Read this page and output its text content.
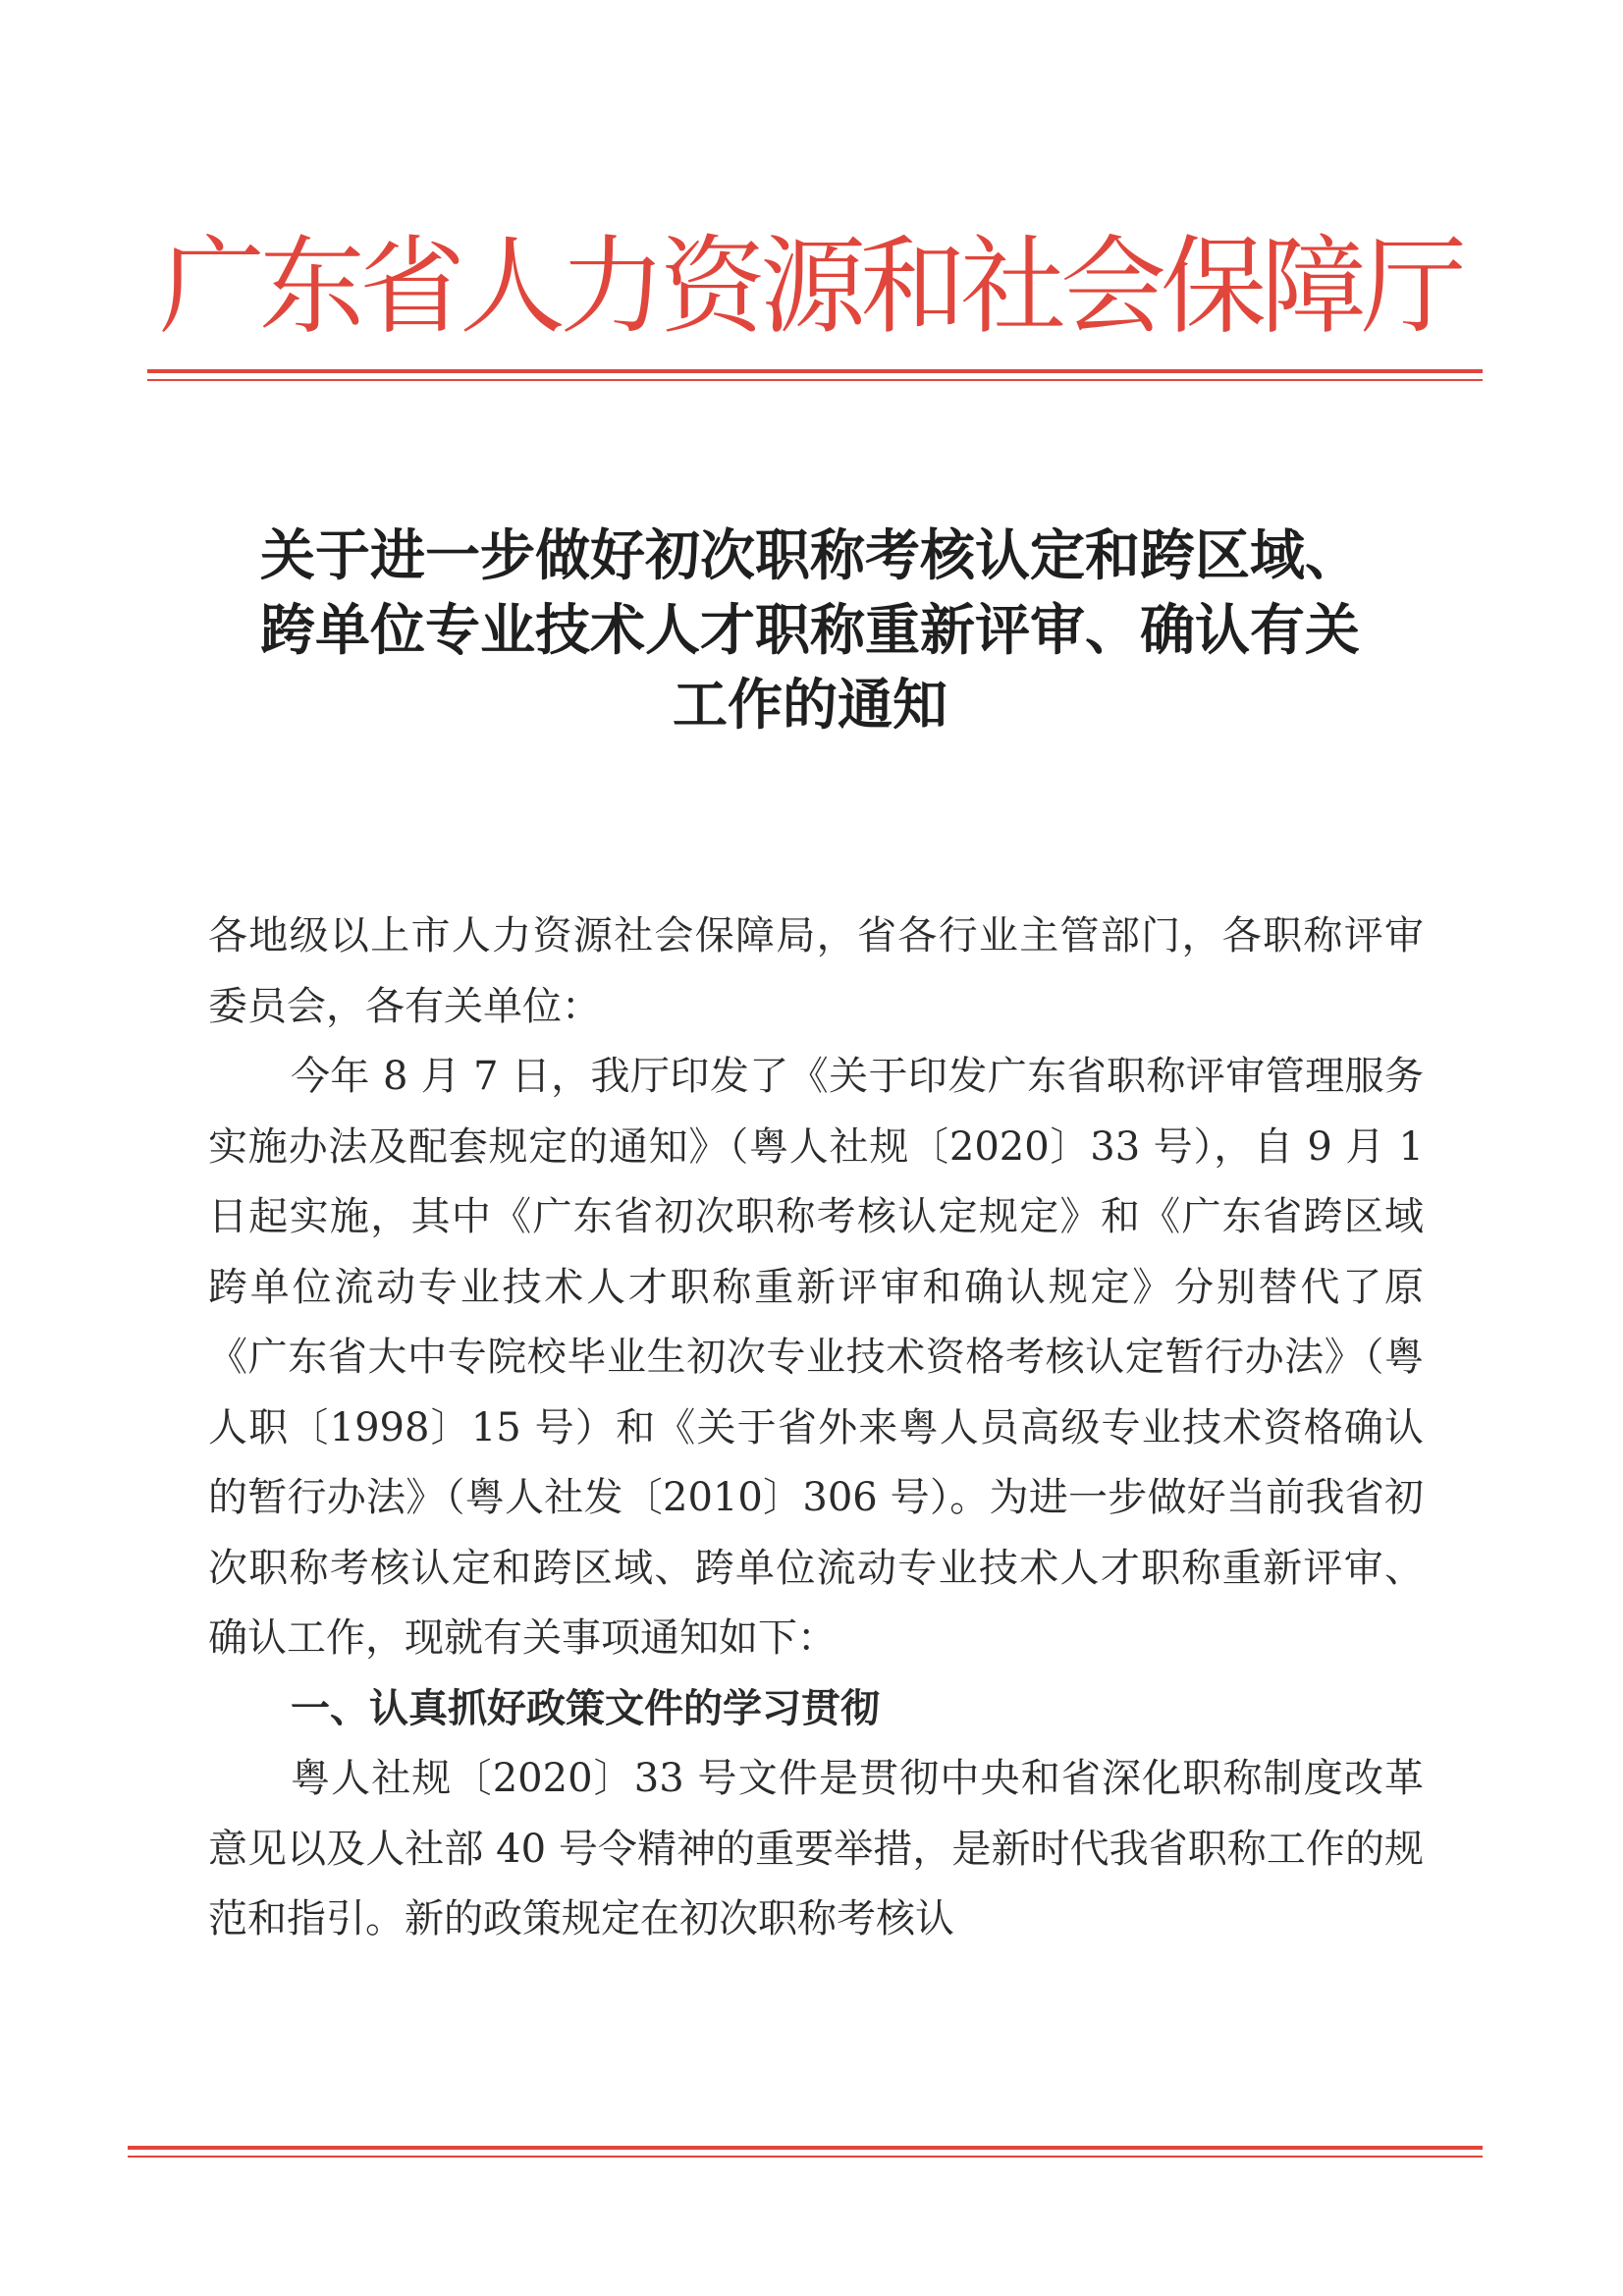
广东省人力资源和社会保障厅
关于进一步做好初次职称考核认定和跨区域、
跨单位专业技术人才职称重新评审、确认有关
工作的通知

各地级以上市人力资源社会保障局，省各行业主管部门，各职称评审委员会，各有关单位：

今年 8 月 7 日，我厅印发了《关于印发广东省职称评审管理服务实施办法及配套规定的通知》（粤人社规〔2020〕33 号），自 9 月 1 日起实施，其中《广东省初次职称考核认定规定》和《广东省跨区域跨单位流动专业技术人才职称重新评审和确认规定》分别替代了原《广东省大中专院校毕业生初次专业技术资格考核认定暂行办法》（粤人职〔1998〕15 号）和《关于省外来粤人员高级专业技术资格确认的暂行办法》（粤人社发〔2010〕306 号）。为进一步做好当前我省初次职称考核认定和跨区域、跨单位流动专业技术人才职称重新评审、确认工作，现就有关事项通知如下：

一、认真抓好政策文件的学习贯彻

粤人社规〔2020〕33 号文件是贯彻中央和省深化职称制度改革意见以及人社部 40 号令精神的重要举措，是新时代我省职称工作的规范和指引。新的政策规定在初次职称考核认
